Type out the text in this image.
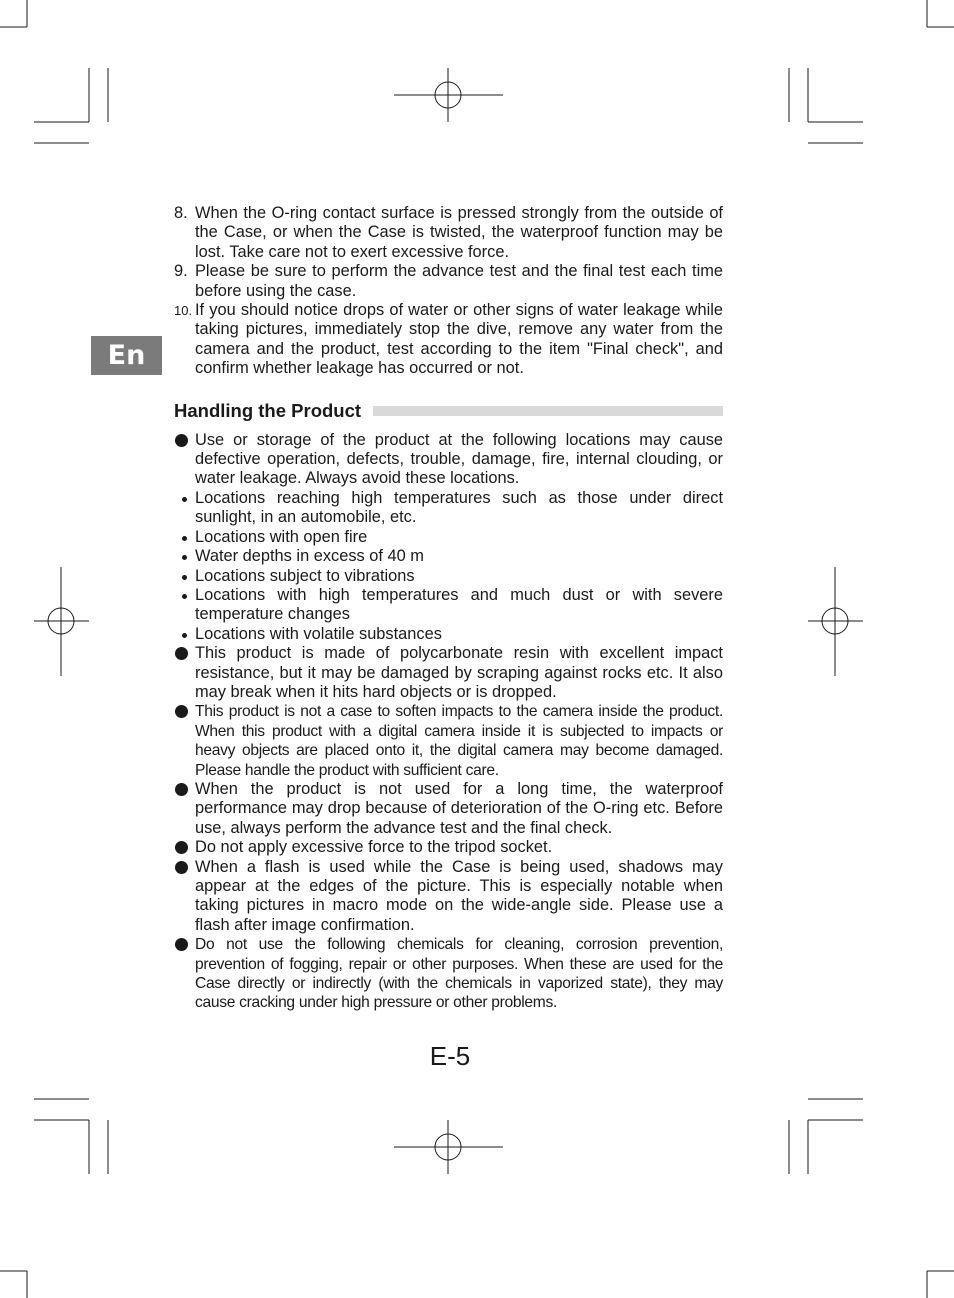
En
8. When the O-ring contact surface is pressed strongly from the outside of the Case, or when the Case is twisted, the waterproof function may be lost. Take care not to exert excessive force.
9. Please be sure to perform the advance test and the final test each time before using the case.
10. If you should notice drops of water or other signs of water leakage while taking pictures, immediately stop the dive, remove any water from the camera and the product, test according to the item "Final check", and confirm whether leakage has occurred or not.
Handling the Product
Use or storage of the product at the following locations may cause defective operation, defects, trouble, damage, fire, internal clouding, or water leakage. Always avoid these locations.
Locations reaching high temperatures such as those under direct sunlight, in an automobile, etc.
Locations with open fire
Water depths in excess of 40 m
Locations subject to vibrations
Locations with high temperatures and much dust or with severe temperature changes
Locations with volatile substances
This product is made of polycarbonate resin with excellent impact resistance, but it may be damaged by scraping against rocks etc. It also may break when it hits hard objects or is dropped.
This product is not a case to soften impacts to the camera inside the product. When this product with a digital camera inside it is subjected to impacts or heavy objects are placed onto it, the digital camera may become damaged. Please handle the product with sufficient care.
When the product is not used for a long time, the waterproof performance may drop because of deterioration of the O-ring etc. Before use, always perform the advance test and the final check.
Do not apply excessive force to the tripod socket.
When a flash is used while the Case is being used, shadows may appear at the edges of the picture. This is especially notable when taking pictures in macro mode on the wide-angle side. Please use a flash after image confirmation.
Do not use the following chemicals for cleaning, corrosion prevention, prevention of fogging, repair or other purposes. When these are used for the Case directly or indirectly (with the chemicals in vaporized state), they may cause cracking under high pressure or other problems.
E-5
